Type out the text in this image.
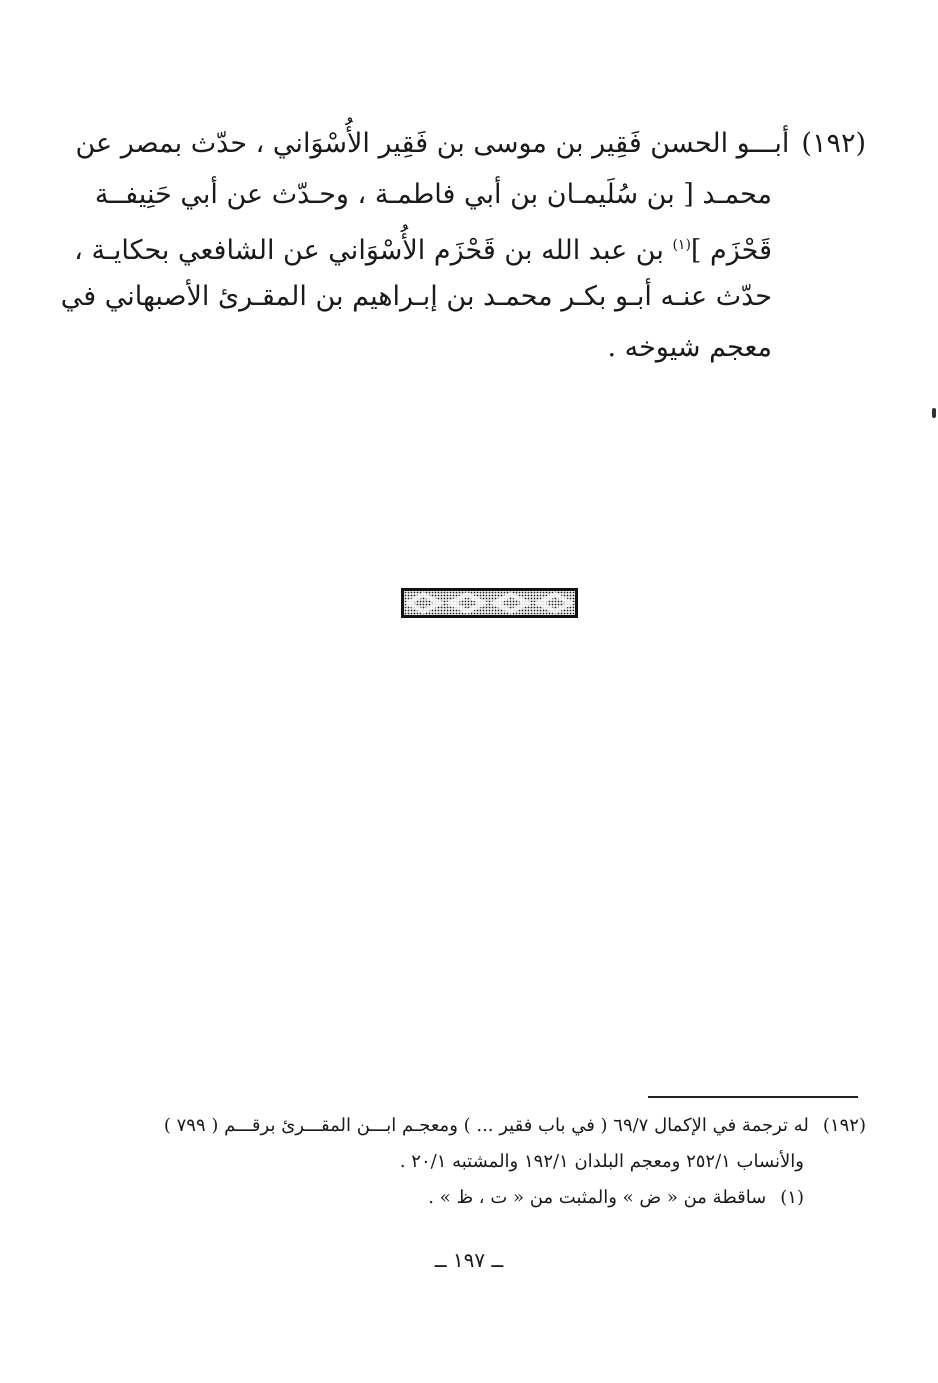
(١٩٢)أبـــو الحسن فَقِير بن موسى بن فَقِير الأُسْوَاني ، حدّث بمصر عن
محمـد [ بن سُلَيمـان بن أبي فاطمـة ، وحـدّث عن أبي حَنِيفــة
قَحْزَم ]$^{(١)}$ بن عبد الله بن قَحْزَم الأُسْوَاني عن الشافعي بحكايـة ،
حدّث عنـه أبـو بكـر محمـد بن إبـراهيم بن المقـرئ الأصبهاني في
معجم شيوخه .
(١٩٢)له ترجمة في الإكمال ٦٩/٧ ( في باب فقير ... ) ومعجـم ابـــن المقـــرئ برقـــم ( ٧٩٩ )
والأنساب ٢٥٢/١ ومعجم البلدان ١٩٢/١ والمشتبه ٢٠/١ .
(١)ساقطة من « ض » والمثبت من « ت ، ظ » .
ــ ١٩٧ ــ
